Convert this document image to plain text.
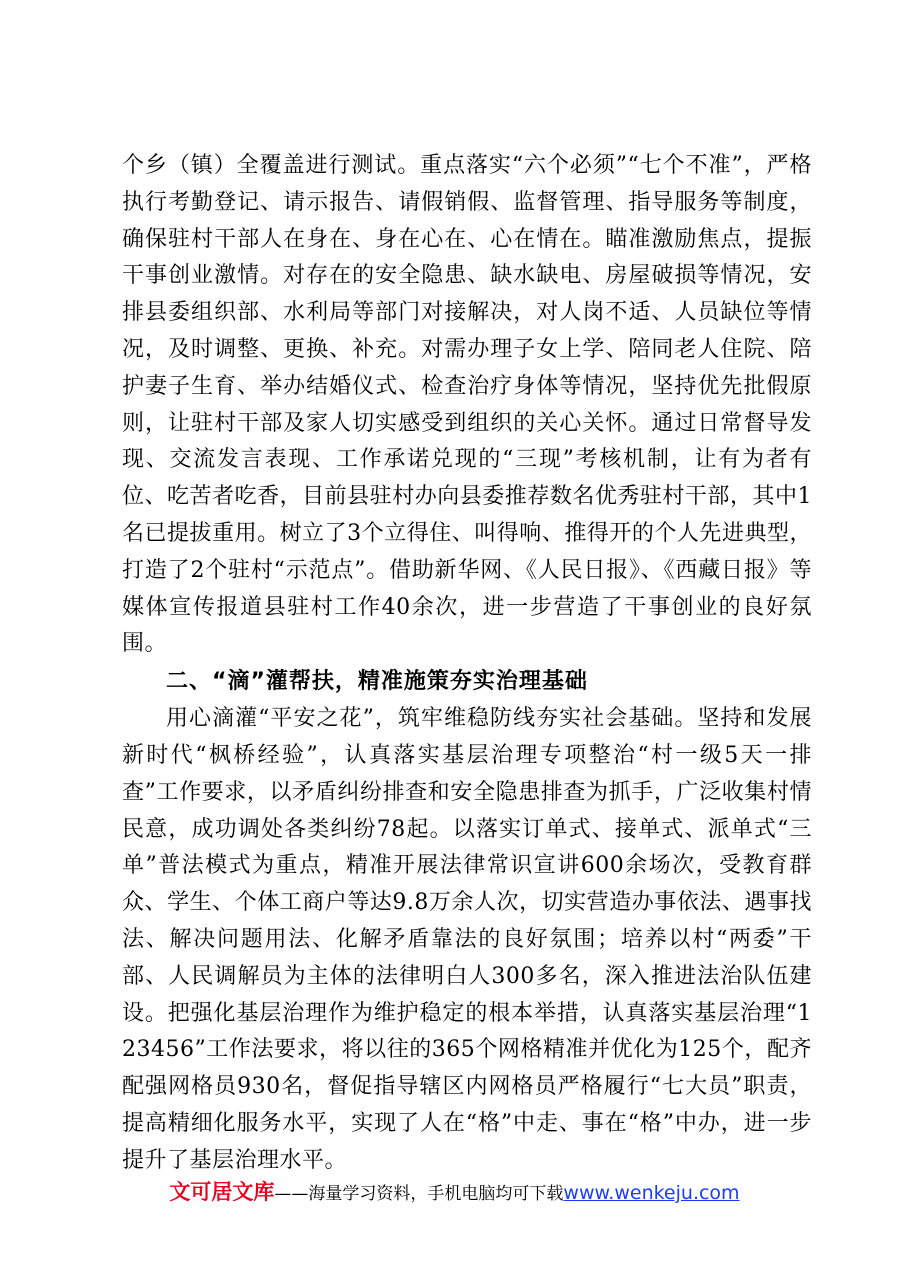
个乡（镇）全覆盖进行测试。重点落实“六个必须”“七个不准”，严格执行考勤登记、请示报告、请假销假、监督管理、指导服务等制度，确保驻村干部人在身在、身在心在、心在情在。瞄准激励焦点，提振干事创业激情。对存在的安全隐患、缺水缺电、房屋破损等情况，安排县委组织部、水利局等部门对接解决，对人岗不适、人员缺位等情况，及时调整、更换、补充。对需办理子女上学、陪同老人住院、陪护妻子生育、举办结婚仪式、检查治疗身体等情况，坚持优先批假原则，让驻村干部及家人切实感受到组织的关心关怀。通过日常督导发现、交流发言表现、工作承诺兑现的“三现”考核机制，让有为者有位、吃苦者吃香，目前县驻村办向县委推荐数名优秀驻村干部，其中1名已提拔重用。树立了3个立得住、叫得响、推得开的个人先进典型，打造了2个驻村“示范点”。借助新华网、《人民日报》、《西藏日报》等媒体宣传报道县驻村工作40余次，进一步营造了干事创业的良好氛围。

二、“滴”灌帮扶，精准施策夯实治理基础

用心滴灌“平安之花”，筑牢维稳防线夯实社会基础。坚持和发展新时代“枫桥经验”，认真落实基层治理专项整治“村一级5天一排查”工作要求，以矛盾纠纷排查和安全隐患排查为抓手，广泛收集村情民意，成功调处各类纠纷78起。以落实订单式、接单式、派单式“三单”普法模式为重点，精准开展法律常识宣讲600余场次，受教育群众、学生、个体工商户等达9.8万余人次，切实营造办事依法、遇事找法、解决问题用法、化解矛盾靠法的良好氛围；培养以村“两委”干部、人民调解员为主体的法律明白人300多名，深入推进法治队伍建设。把强化基层治理作为维护稳定的根本举措，认真落实基层治理“123456”工作法要求，将以往的365个网格精准并优化为125个，配齐配强网格员930名，督促指导辖区内网格员严格履行“七大员”职责，提高精细化服务水平，实现了人在“格”中走、事在“格”中办，进一步提升了基层治理水平。

文可居文库——海量学习资料，手机电脑均可下载www.wenkeju.com
